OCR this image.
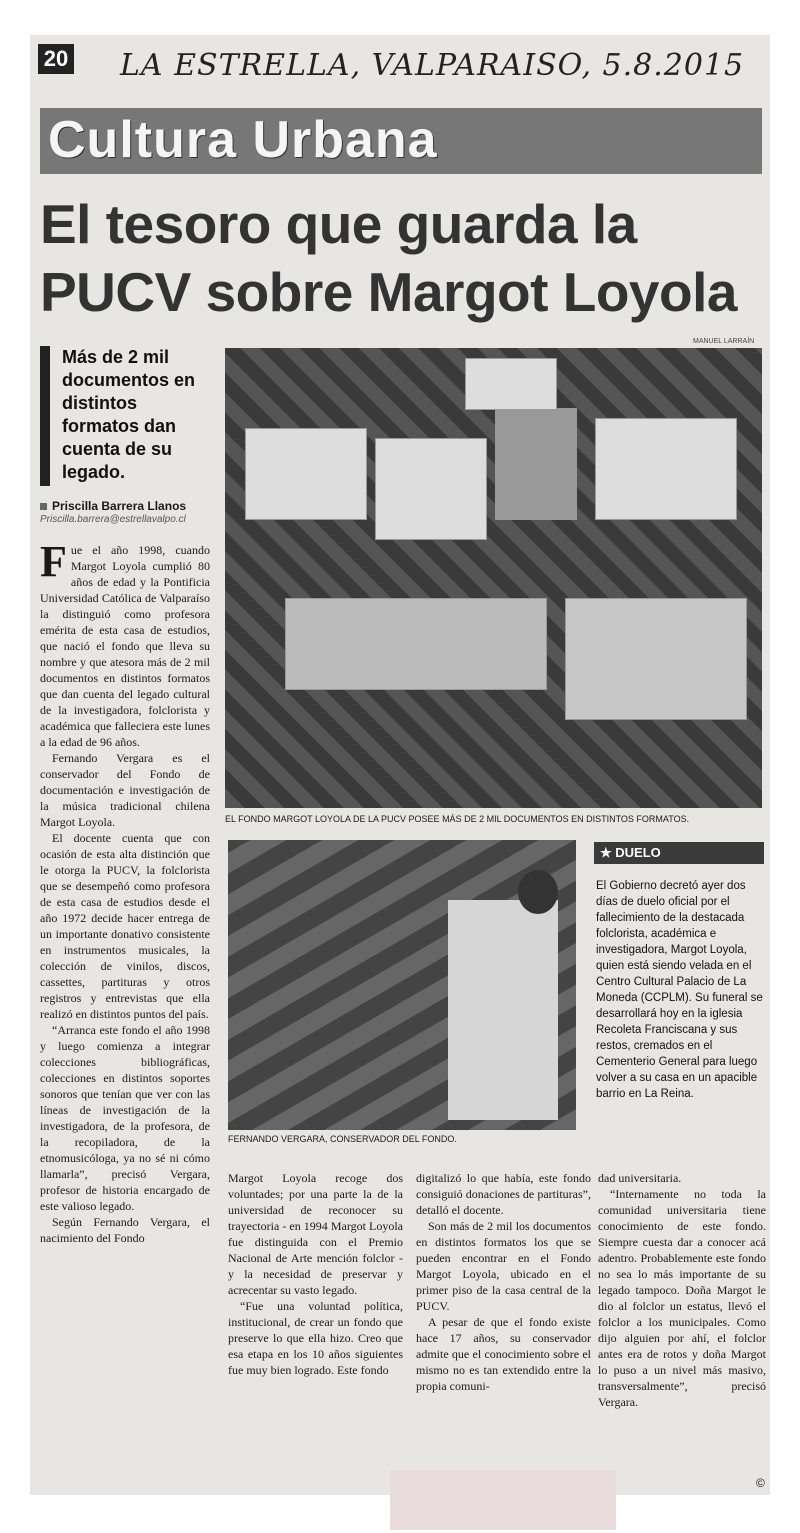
20 LA ESTRELLA, VALPARAISO, 5.8.2015
Cultura Urbana
El tesoro que guarda la PUCV sobre Margot Loyola
MANUEL LARRAÍN
Más de 2 mil documentos en distintos formatos dan cuenta de su legado.
Priscilla Barrera Llanos
Priscilla.barrera@estrellavalpo.cl
EL FONDO MARGOT LOYOLA DE LA PUCV POSEE MÁS DE 2 MIL DOCUMENTOS EN DISTINTOS FORMATOS.
FERNANDO VERGARA, CONSERVADOR DEL FONDO.
★ DUELO
El Gobierno decretó ayer dos días de duelo oficial por el fallecimiento de la destacada folclorista, académica e investigadora, Margot Loyola, quien está siendo velada en el Centro Cultural Palacio de La Moneda (CCPLM). Su funeral se desarrollará hoy en la iglesia Recoleta Franciscana y sus restos, cremados en el Cementerio General para luego volver a su casa en un apacible barrio en La Reina.
F ue el año 1998, cuando Margot Loyola cumplió 80 años de edad y la Pontificia Universidad Católica de Valparaíso la distinguió como profesora emérita de esta casa de estudios, que nació el fondo que lleva su nombre y que atesora más de 2 mil documentos en distintos formatos que dan cuenta del legado cultural de la investigadora, folclorista y académica que falleciera este lunes a la edad de 96 años.

Fernando Vergara es el conservador del Fondo de documentación e investigación de la música tradicional chilena Margot Loyola.

El docente cuenta que con ocasión de esta alta distinción que le otorga la PUCV, la folclorista que se desempeñó como profesora de esta casa de estudios desde el año 1972 decide hacer entrega de un importante donativo consistente en instrumentos musicales, la colección de vinilos, discos, cassettes, partituras y otros registros y entrevistas que ella realizó en distintos puntos del país.

“Arranca este fondo el año 1998 y luego comienza a integrar colecciones bibliográficas, colecciones en distintos soportes sonoros que tenían que ver con las líneas de investigación de la investigadora, de la profesora, de la recopiladora, de la etnomusicóloga, ya no sé ni cómo llamarla”, precisó Vergara, profesor de historia encargado de este valioso legado.

Según Fernando Vergara, el nacimiento del Fondo

Margot Loyola recoge dos voluntades; por una parte la de la universidad de reconocer su trayectoria - en 1994 Margot Loyola fue distinguida con el Premio Nacional de Arte mención folclor - y la necesidad de preservar y acrecentar su vasto legado.

“Fue una voluntad política, institucional, de crear un fondo que preserve lo que ella hizo. Creo que esa etapa en los 10 años siguientes fue muy bien logrado. Este fondo

digitalizó lo que había, este fondo consiguió donaciones de partituras”, detalló el docente.

Son más de 2 mil los documentos en distintos formatos los que se pueden encontrar en el Fondo Margot Loyola, ubicado en el primer piso de la casa central de la PUCV.

A pesar de que el fondo existe hace 17 años, su conservador admite que el conocimiento sobre el mismo no es tan extendido entre la propia comuni-

dad universitaria.

“Internamente no toda la comunidad universitaria tiene conocimiento de este fondo. Siempre cuesta dar a conocer acá adentro. Probablemente este fondo no sea lo más importante de su legado tampoco. Doña Margot le dio al folclor un estatus, llevó el folclor a los municipales. Como dijo alguien por ahí, el folclor antes era de rotos y doña Margot lo puso a un nivel más masivo, transversalmente”, precisó Vergara.

©
